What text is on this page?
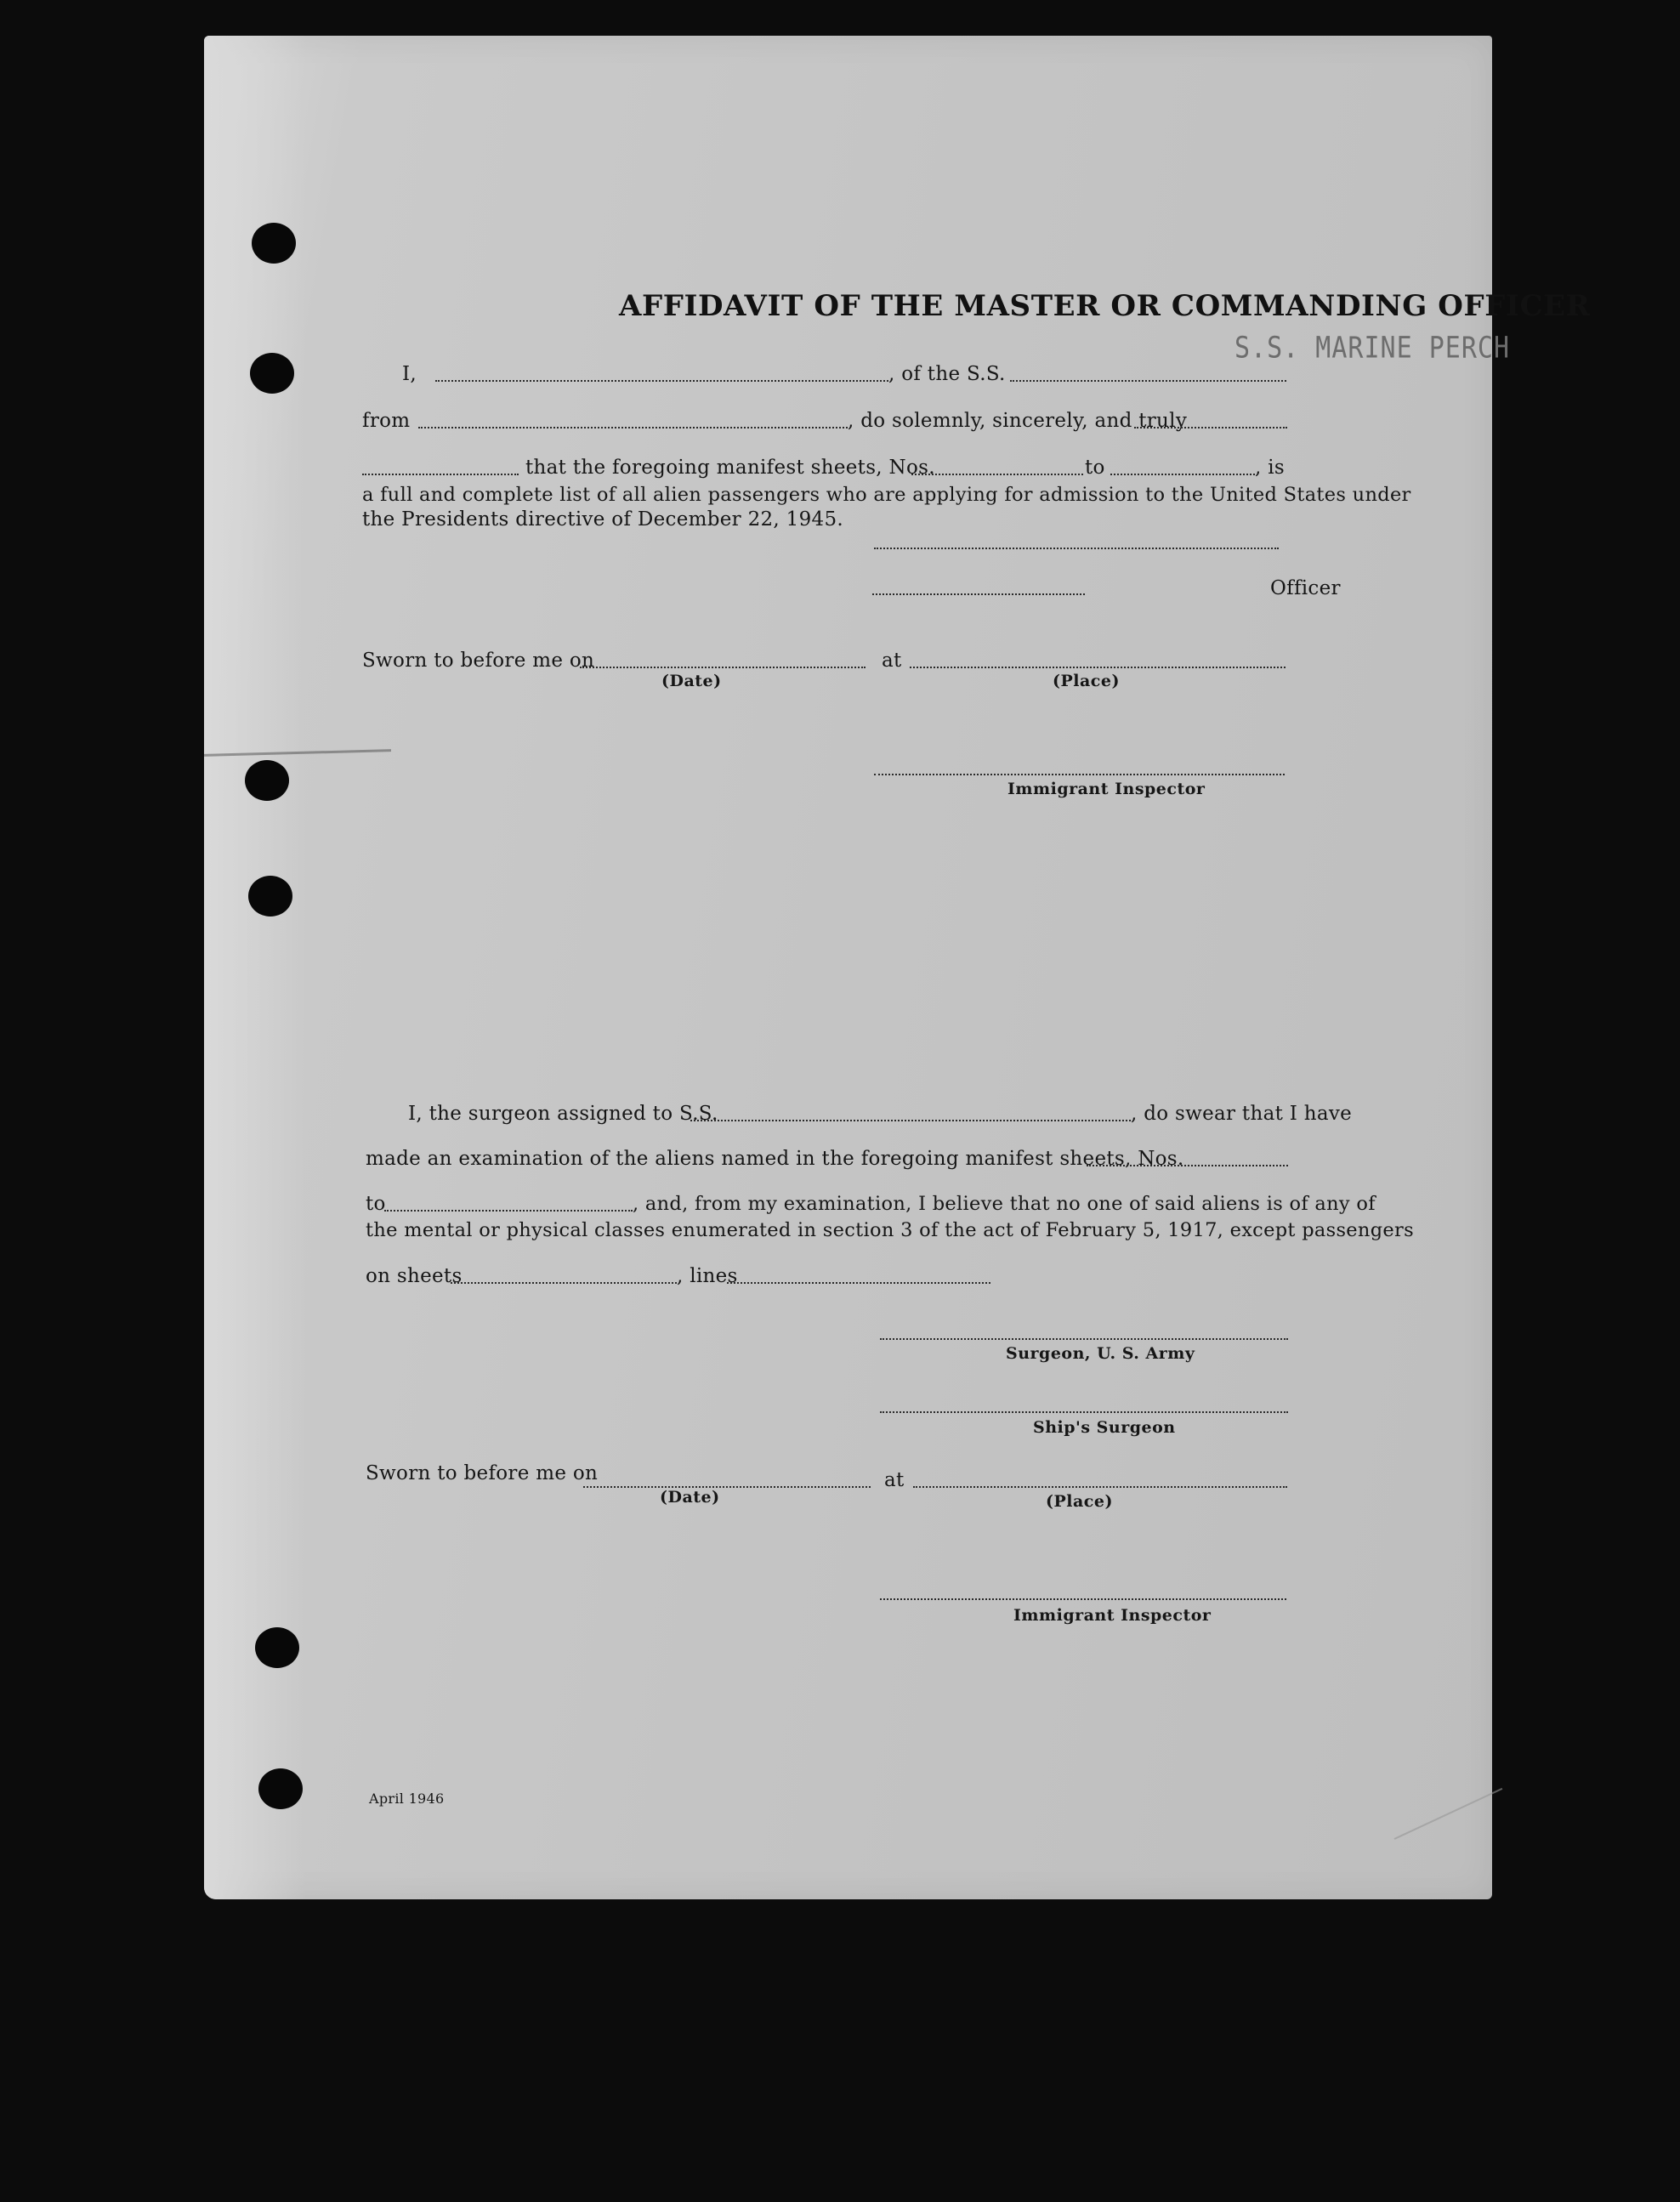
AFFIDAVIT OF THE MASTER OR COMMANDING OFFICER
S.S. MARINE PERCH
I,	, of the S.S.
from	, do solemnly, sincerely, and truly
that the foregoing manifest sheets, Nos.	to	, is
a full and complete list of all alien passengers who are applying for admission to the United States under
the Presidents directive of December 22, 1945.
Officer
Sworn to before me on	at
(Date)	(Place)
Immigrant Inspector
I, the surgeon assigned to S.S.	, do swear that I have
made an examination of the aliens named in the foregoing manifest sheets, Nos.
to	, and, from my examination, I believe that no one of said aliens is of any of
the mental or physical classes enumerated in section 3 of the act of February 5, 1917, except passengers
on sheets	, lines
Surgeon, U. S. Army
Ship's Surgeon
Sworn to before me on	at
(Date)	(Place)
Immigrant Inspector
April 1946
